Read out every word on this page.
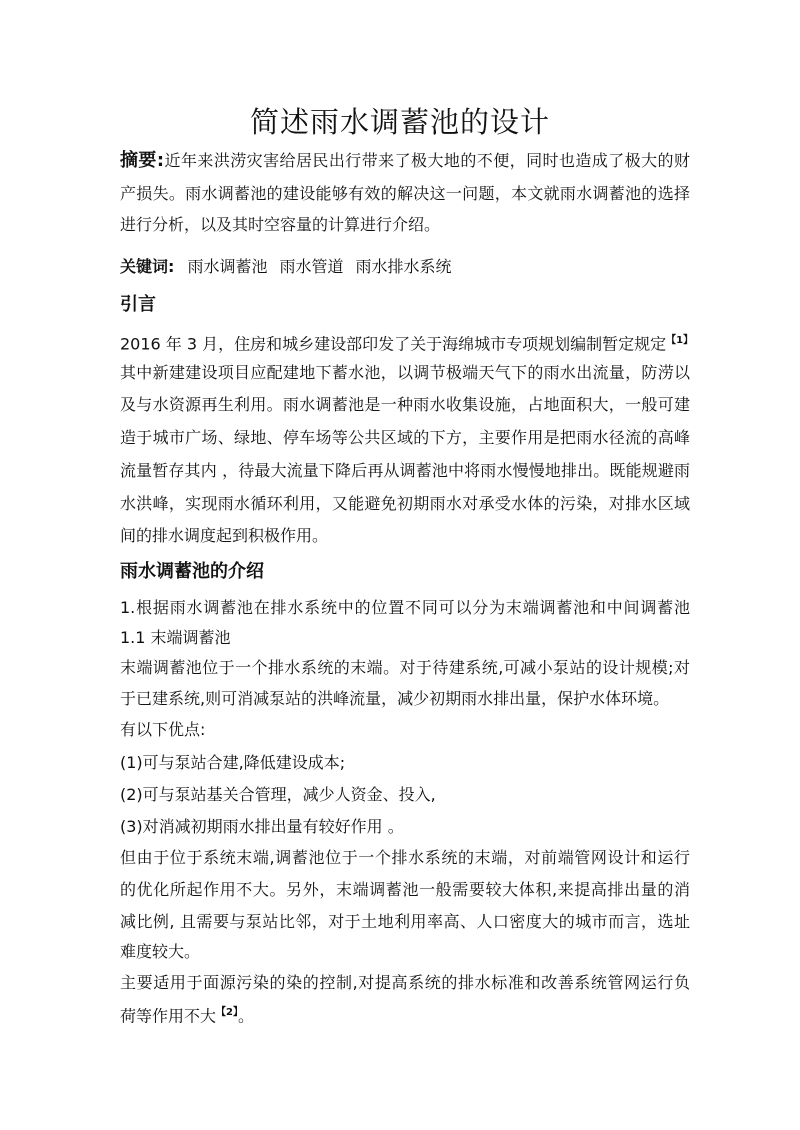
简述雨水调蓄池的设计
摘要:近年来洪涝灾害给居民出行带来了极大地的不便，同时也造成了极大的财
产损失。雨水调蓄池的建设能够有效的解决这一问题，本文就雨水调蓄池的选择
进行分析，以及其时空容量的计算进行介绍。
关键词: 雨水调蓄池 雨水管道 雨水排水系统
引言
2016 年 3 月，住房和城乡建设部印发了关于海绵城市专项规划编制暂定规定$^{【1】}$
其中新建建设项目应配建地下蓄水池，以调节极端天气下的雨水出流量，防涝以
及与水资源再生利用。雨水调蓄池是一种雨水收集设施，占地面积大，一般可建
造于城市广场、绿地、停车场等公共区域的下方，主要作用是把雨水径流的高峰
流量暂存其内 ，待最大流量下降后再从调蓄池中将雨水慢慢地排出。既能规避雨
水洪峰，实现雨水循环利用，又能避免初期雨水对承受水体的污染，对排水区域
间的排水调度起到积极作用。
雨水调蓄池的介绍
1.根据雨水调蓄池在排水系统中的位置不同可以分为末端调蓄池和中间调蓄池
1.1 末端调蓄池
末端调蓄池位于一个排水系统的末端。对于待建系统,可减小泵站的设计规模;对
于已建系统,则可消减泵站的洪峰流量，减少初期雨水排出量，保护水体环境。
有以下优点:
(1)可与泵站合建,降低建设成本;
(2)可与泵站基关合管理，减少人资金、投入,
(3)对消减初期雨水排出量有较好作用 。
但由于位于系统末端,调蓄池位于一个排水系统的末端，对前端管网设计和运行
的优化所起作用不大。另外，末端调蓄池一般需要较大体积,来提高排出量的消
减比例, 且需要与泵站比邻，对于土地利用率高、人口密度大的城市而言，选址
难度较大。
主要适用于面源污染的染的控制,对提高系统的排水标准和改善系统管网运行负
荷等作用不大$^{【2】}$。
